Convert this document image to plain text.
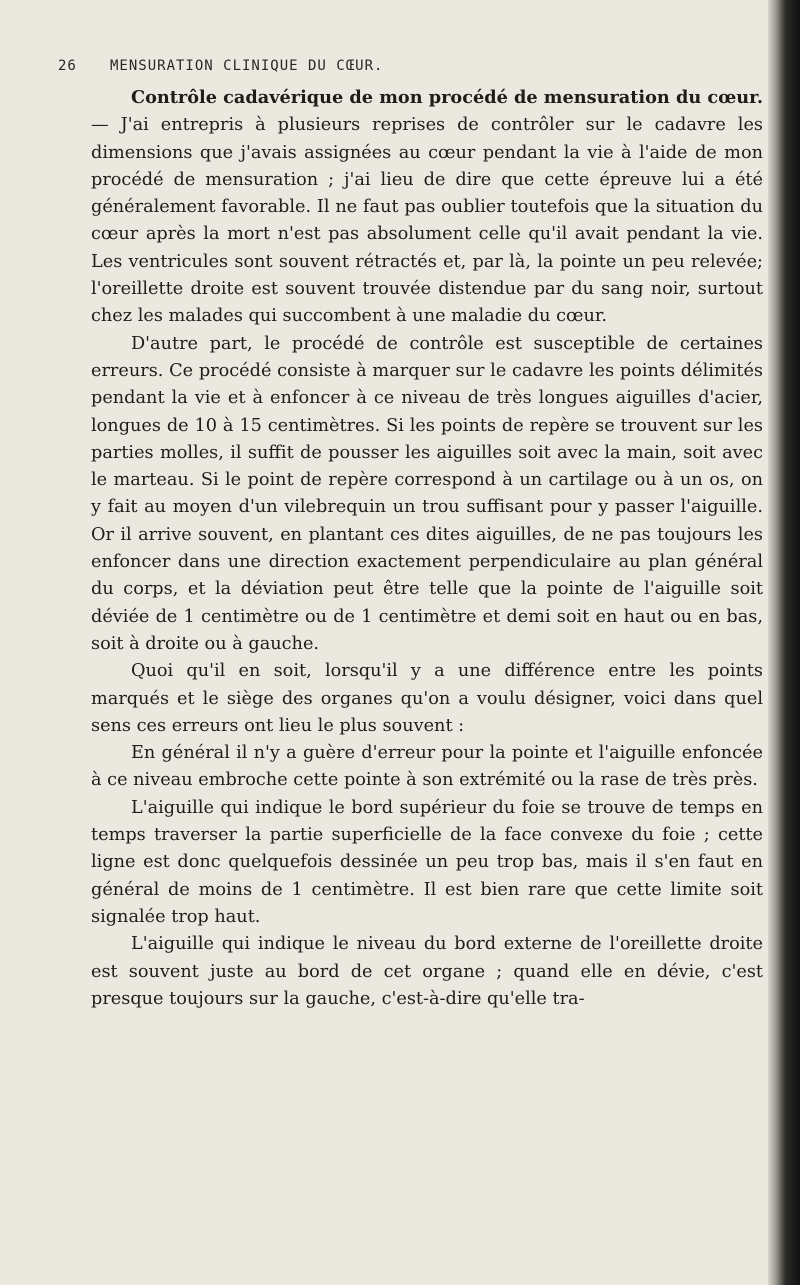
26 MENSURATION CLINIQUE DU CŒUR.

Contrôle cadavérique de mon procédé de mensuration du cœur. — J'ai entrepris à plusieurs reprises de contrôler sur le cadavre les dimensions que j'avais assignées au cœur pendant la vie à l'aide de mon procédé de mensuration ; j'ai lieu de dire que cette épreuve lui a été généralement favorable. Il ne faut pas oublier toutefois que la situation du cœur après la mort n'est pas absolument celle qu'il avait pendant la vie. Les ventricules sont souvent rétractés et, par là, la pointe un peu relevée; l'oreillette droite est souvent trouvée distendue par du sang noir, surtout chez les malades qui succombent à une maladie du cœur.

D'autre part, le procédé de contrôle est susceptible de certaines erreurs. Ce procédé consiste à marquer sur le cadavre les points délimités pendant la vie et à enfoncer à ce niveau de très longues aiguilles d'acier, longues de 10 à 15 centimètres. Si les points de repère se trouvent sur les parties molles, il suffit de pousser les aiguilles soit avec la main, soit avec le marteau. Si le point de repère correspond à un cartilage ou à un os, on y fait au moyen d'un vilebrequin un trou suffisant pour y passer l'aiguille. Or il arrive souvent, en plantant ces dites aiguilles, de ne pas toujours les enfoncer dans une direction exactement perpendiculaire au plan général du corps, et la déviation peut être telle que la pointe de l'aiguille soit déviée de 1 centimètre ou de 1 centimètre et demi soit en haut ou en bas, soit à droite ou à gauche.

Quoi qu'il en soit, lorsqu'il y a une différence entre les points marqués et le siège des organes qu'on a voulu désigner, voici dans quel sens ces erreurs ont lieu le plus souvent :

En général il n'y a guère d'erreur pour la pointe et l'aiguille enfoncée à ce niveau embroche cette pointe à son extrémité ou la rase de très près.

L'aiguille qui indique le bord supérieur du foie se trouve de temps en temps traverser la partie superficielle de la face convexe du foie ; cette ligne est donc quelquefois dessinée un peu trop bas, mais il s'en faut en général de moins de 1 centimètre. Il est bien rare que cette limite soit signalée trop haut.

L'aiguille qui indique le niveau du bord externe de l'oreillette droite est souvent juste au bord de cet organe ; quand elle en dévie, c'est presque toujours sur la gauche, c'est-à-dire qu'elle tra-
